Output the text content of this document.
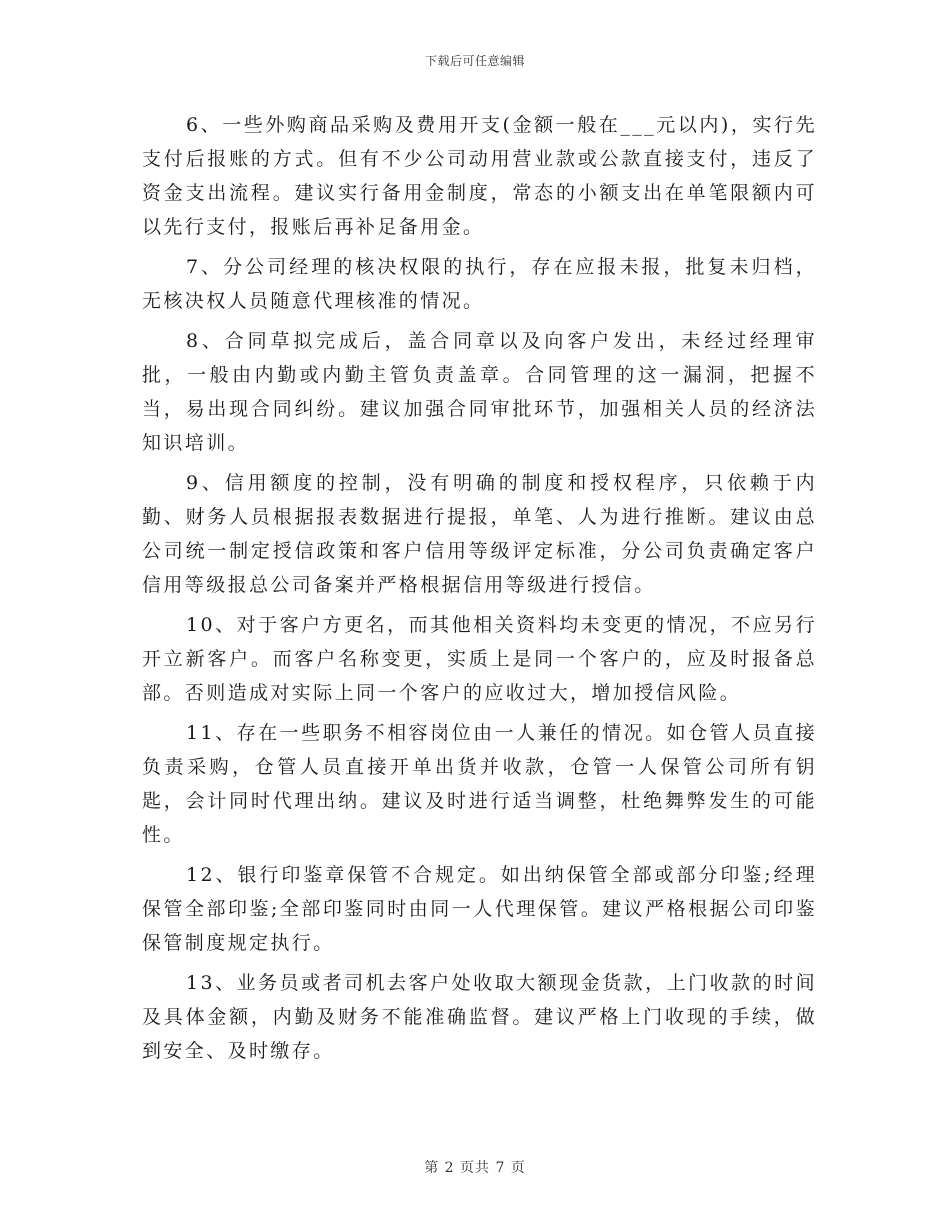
下载后可任意编辑

6、一些外购商品采购及费用开支(金额一般在___元以内)，实行先支付后报账的方式。但有不少公司动用营业款或公款直接支付，违反了资金支出流程。建议实行备用金制度，常态的小额支出在单笔限额内可以先行支付，报账后再补足备用金。

7、分公司经理的核决权限的执行，存在应报未报，批复未归档，无核决权人员随意代理核准的情况。

8、合同草拟完成后，盖合同章以及向客户发出，未经过经理审批，一般由内勤或内勤主管负责盖章。合同管理的这一漏洞，把握不当，易出现合同纠纷。建议加强合同审批环节，加强相关人员的经济法知识培训。

9、信用额度的控制，没有明确的制度和授权程序，只依赖于内勤、财务人员根据报表数据进行提报，单笔、人为进行推断。建议由总公司统一制定授信政策和客户信用等级评定标准，分公司负责确定客户信用等级报总公司备案并严格根据信用等级进行授信。

10、对于客户方更名，而其他相关资料均未变更的情况，不应另行开立新客户。而客户名称变更，实质上是同一个客户的，应及时报备总部。否则造成对实际上同一个客户的应收过大，增加授信风险。

11、存在一些职务不相容岗位由一人兼任的情况。如仓管人员直接负责采购，仓管人员直接开单出货并收款，仓管一人保管公司所有钥匙，会计同时代理出纳。建议及时进行适当调整，杜绝舞弊发生的可能性。

12、银行印鉴章保管不合规定。如出纳保管全部或部分印鉴;经理保管全部印鉴;全部印鉴同时由同一人代理保管。建议严格根据公司印鉴保管制度规定执行。

13、业务员或者司机去客户处收取大额现金货款，上门收款的时间及具体金额，内勤及财务不能准确监督。建议严格上门收现的手续，做到安全、及时缴存。

第 2 页共 7 页
